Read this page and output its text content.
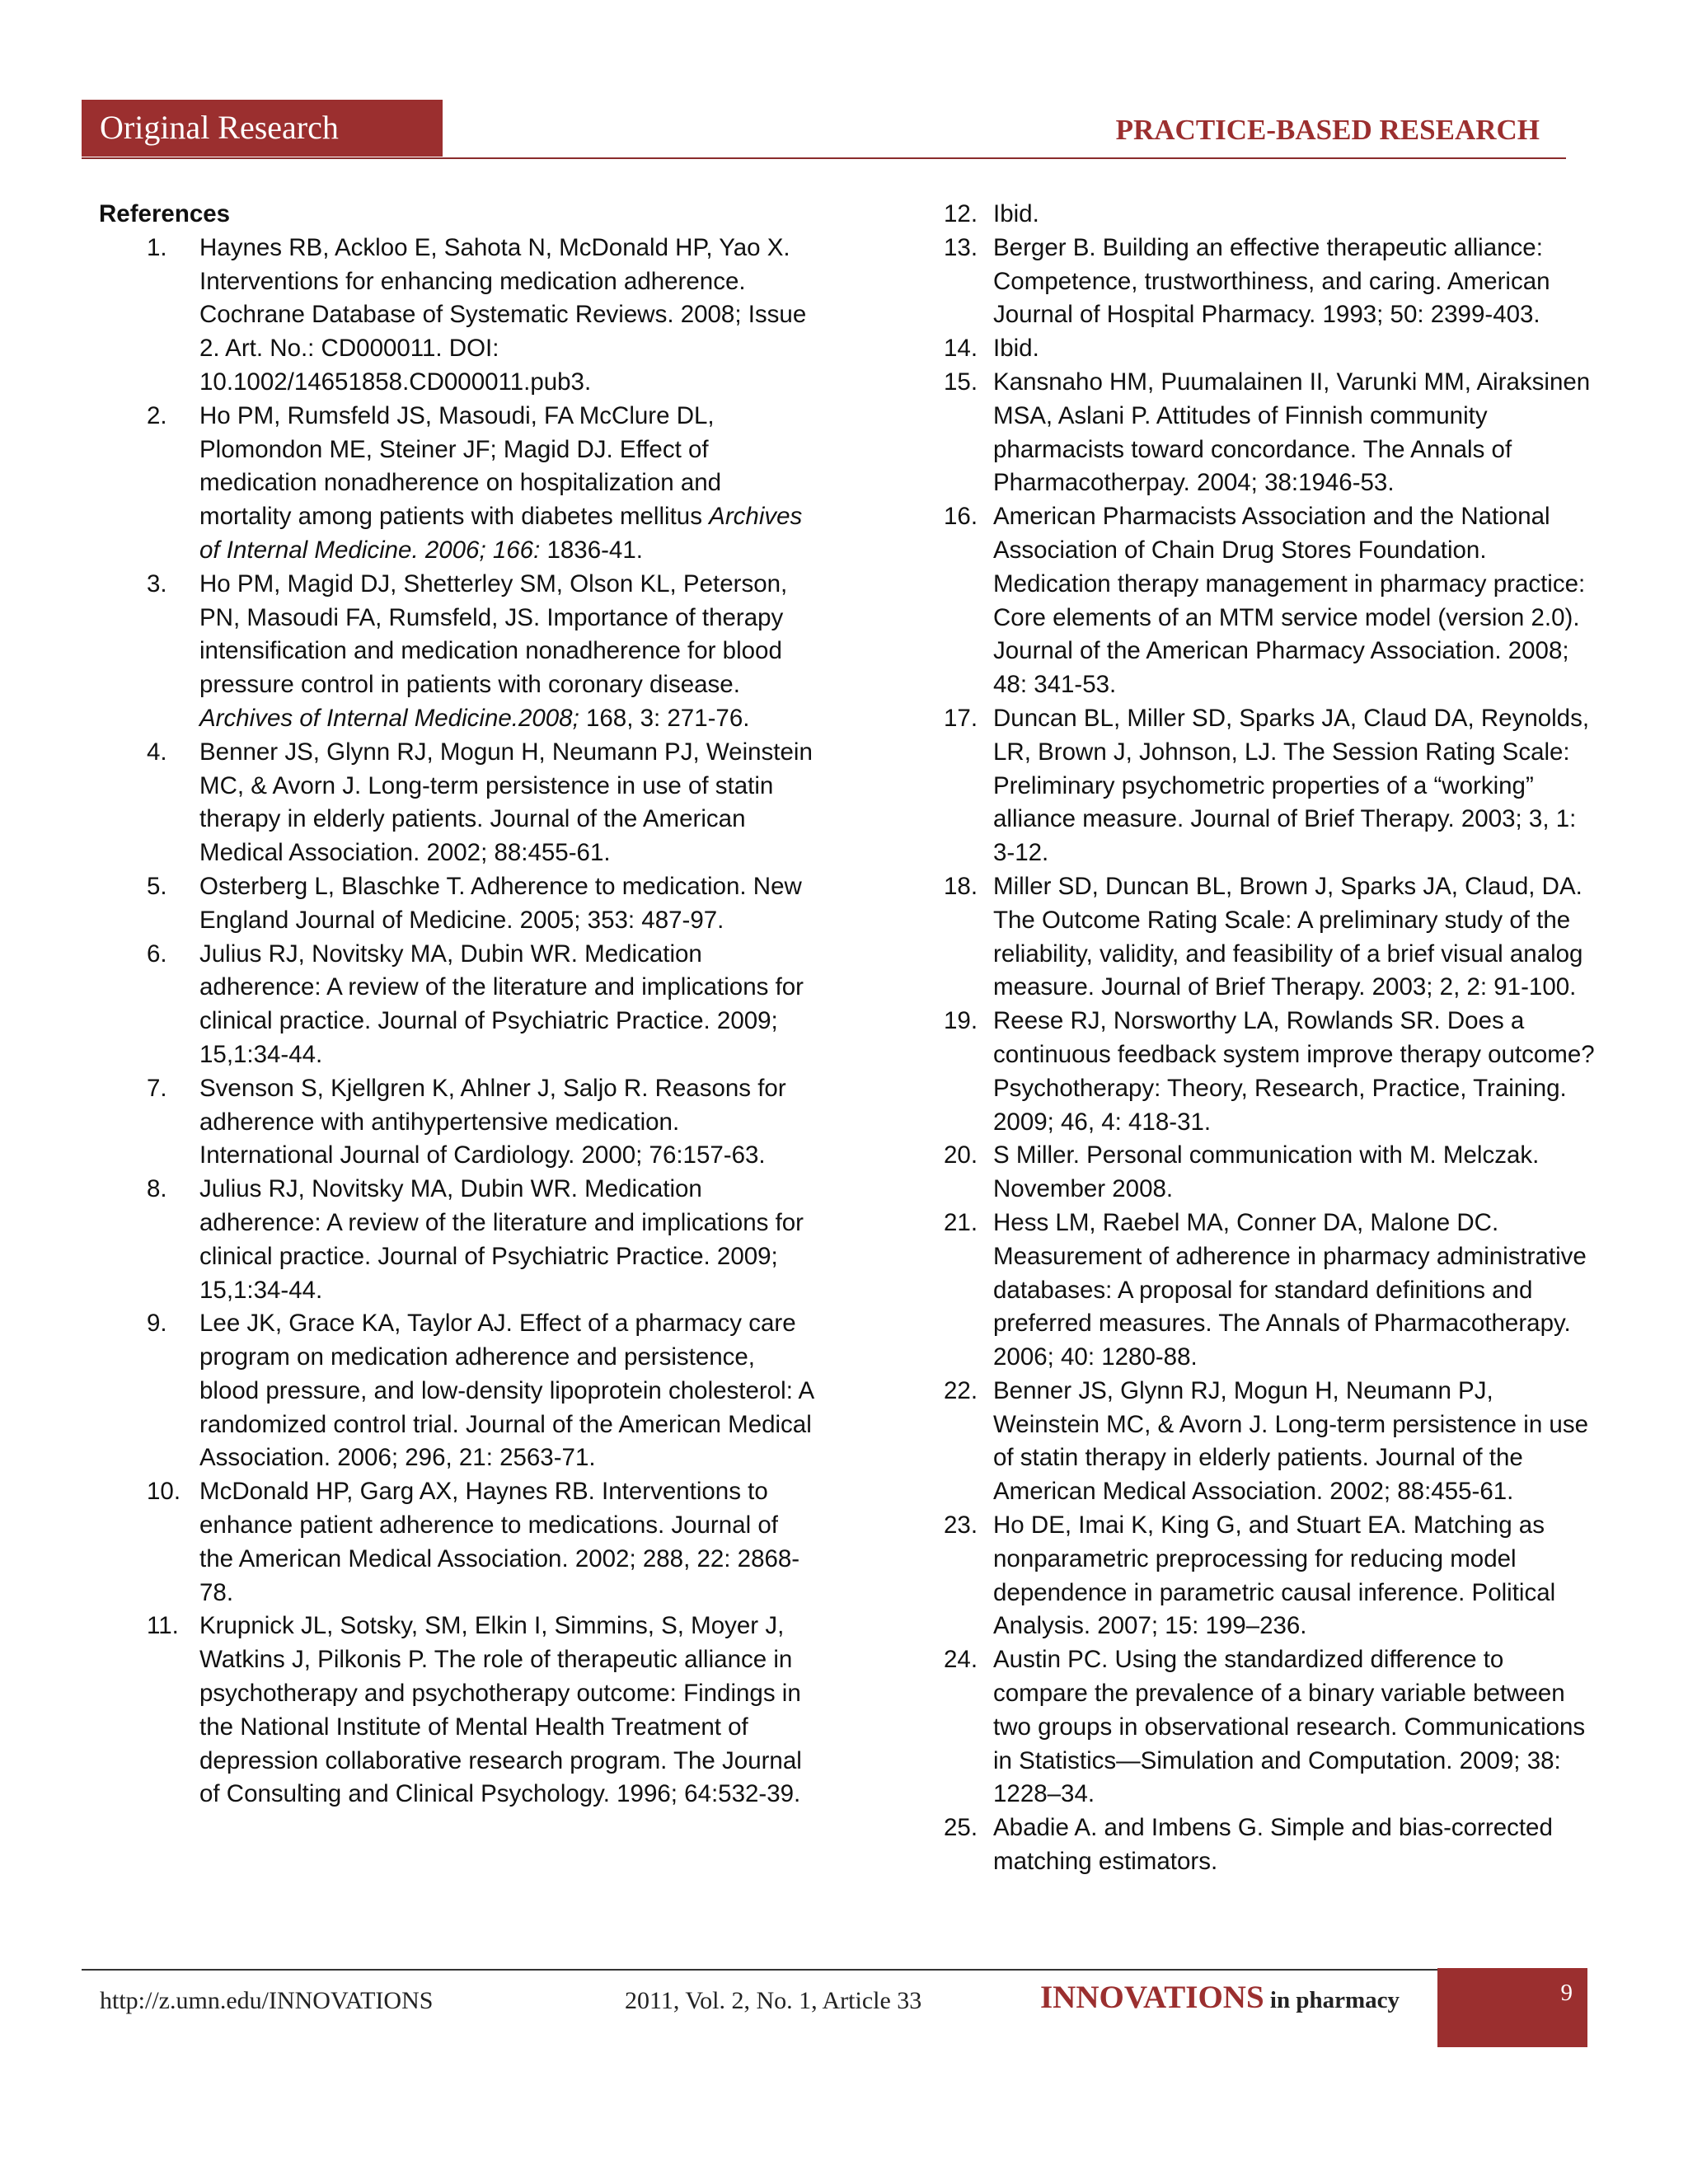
Original Research	PRACTICE-BASED RESEARCH

References

1. Haynes RB, Ackloo E, Sahota N, McDonald HP, Yao X. Interventions for enhancing medication adherence. Cochrane Database of Systematic Reviews. 2008; Issue 2. Art. No.: CD000011. DOI: 10.1002/14651858.CD000011.pub3.
2. Ho PM, Rumsfeld JS, Masoudi, FA McClure DL, Plomondon ME, Steiner JF; Magid DJ. Effect of medication nonadherence on hospitalization and mortality among patients with diabetes mellitus Archives of Internal Medicine. 2006; 166: 1836-41.
3. Ho PM, Magid DJ, Shetterley SM, Olson KL, Peterson, PN, Masoudi FA, Rumsfeld, JS. Importance of therapy intensification and medication nonadherence for blood pressure control in patients with coronary disease. Archives of Internal Medicine.2008; 168, 3: 271-76.
4. Benner JS, Glynn RJ, Mogun H, Neumann PJ, Weinstein MC, & Avorn J. Long-term persistence in use of statin therapy in elderly patients. Journal of the American Medical Association. 2002; 88:455-61.
5. Osterberg L, Blaschke T. Adherence to medication. New England Journal of Medicine. 2005; 353: 487-97.
6. Julius RJ, Novitsky MA, Dubin WR. Medication adherence: A review of the literature and implications for clinical practice. Journal of Psychiatric Practice. 2009; 15,1:34-44.
7. Svenson S, Kjellgren K, Ahlner J, Saljo R. Reasons for adherence with antihypertensive medication. International Journal of Cardiology. 2000; 76:157-63.
8. Julius RJ, Novitsky MA, Dubin WR. Medication adherence: A review of the literature and implications for clinical practice. Journal of Psychiatric Practice. 2009; 15,1:34-44.
9. Lee JK, Grace KA, Taylor AJ. Effect of a pharmacy care program on medication adherence and persistence, blood pressure, and low-density lipoprotein cholesterol: A randomized control trial. Journal of the American Medical Association. 2006; 296, 21: 2563-71.
10. McDonald HP, Garg AX, Haynes RB. Interventions to enhance patient adherence to medications. Journal of the American Medical Association. 2002; 288, 22: 2868-78.
11. Krupnick JL, Sotsky, SM, Elkin I, Simmins, S, Moyer J, Watkins J, Pilkonis P. The role of therapeutic alliance in psychotherapy and psychotherapy outcome: Findings in the National Institute of Mental Health Treatment of depression collaborative research program. The Journal of Consulting and Clinical Psychology. 1996; 64:532-39.
12. Ibid.
13. Berger B. Building an effective therapeutic alliance: Competence, trustworthiness, and caring. American Journal of Hospital Pharmacy. 1993; 50: 2399-403.
14. Ibid.
15. Kansnaho HM, Puumalainen II, Varunki MM, Airaksinen MSA, Aslani P. Attitudes of Finnish community pharmacists toward concordance. The Annals of Pharmacotherpay. 2004; 38:1946-53.
16. American Pharmacists Association and the National Association of Chain Drug Stores Foundation. Medication therapy management in pharmacy practice: Core elements of an MTM service model (version 2.0). Journal of the American Pharmacy Association. 2008; 48: 341-53.
17. Duncan BL, Miller SD, Sparks JA, Claud DA, Reynolds, LR, Brown J, Johnson, LJ. The Session Rating Scale: Preliminary psychometric properties of a “working” alliance measure. Journal of Brief Therapy. 2003; 3, 1: 3-12.
18. Miller SD, Duncan BL, Brown J, Sparks JA, Claud, DA. The Outcome Rating Scale: A preliminary study of the reliability, validity, and feasibility of a brief visual analog measure. Journal of Brief Therapy. 2003; 2, 2: 91-100.
19. Reese RJ, Norsworthy LA, Rowlands SR. Does a continuous feedback system improve therapy outcome? Psychotherapy: Theory, Research, Practice, Training. 2009; 46, 4: 418-31.
20. S Miller. Personal communication with M. Melczak. November 2008.
21. Hess LM, Raebel MA, Conner DA, Malone DC. Measurement of adherence in pharmacy administrative databases: A proposal for standard definitions and preferred measures. The Annals of Pharmacotherapy. 2006; 40: 1280-88.
22. Benner JS, Glynn RJ, Mogun H, Neumann PJ, Weinstein MC, & Avorn J. Long-term persistence in use of statin therapy in elderly patients. Journal of the American Medical Association. 2002; 88:455-61.
23. Ho DE, Imai K, King G, and Stuart EA. Matching as nonparametric preprocessing for reducing model dependence in parametric causal inference. Political Analysis. 2007; 15: 199–236.
24. Austin PC. Using the standardized difference to compare the prevalence of a binary variable between two groups in observational research. Communications in Statistics—Simulation and Computation. 2009; 38: 1228–34.
25. Abadie A. and Imbens G. Simple and bias-corrected matching estimators.
http://z.umn.edu/INNOVATIONS	2011, Vol. 2, No. 1, Article 33	INNOVATIONS in pharmacy	9
